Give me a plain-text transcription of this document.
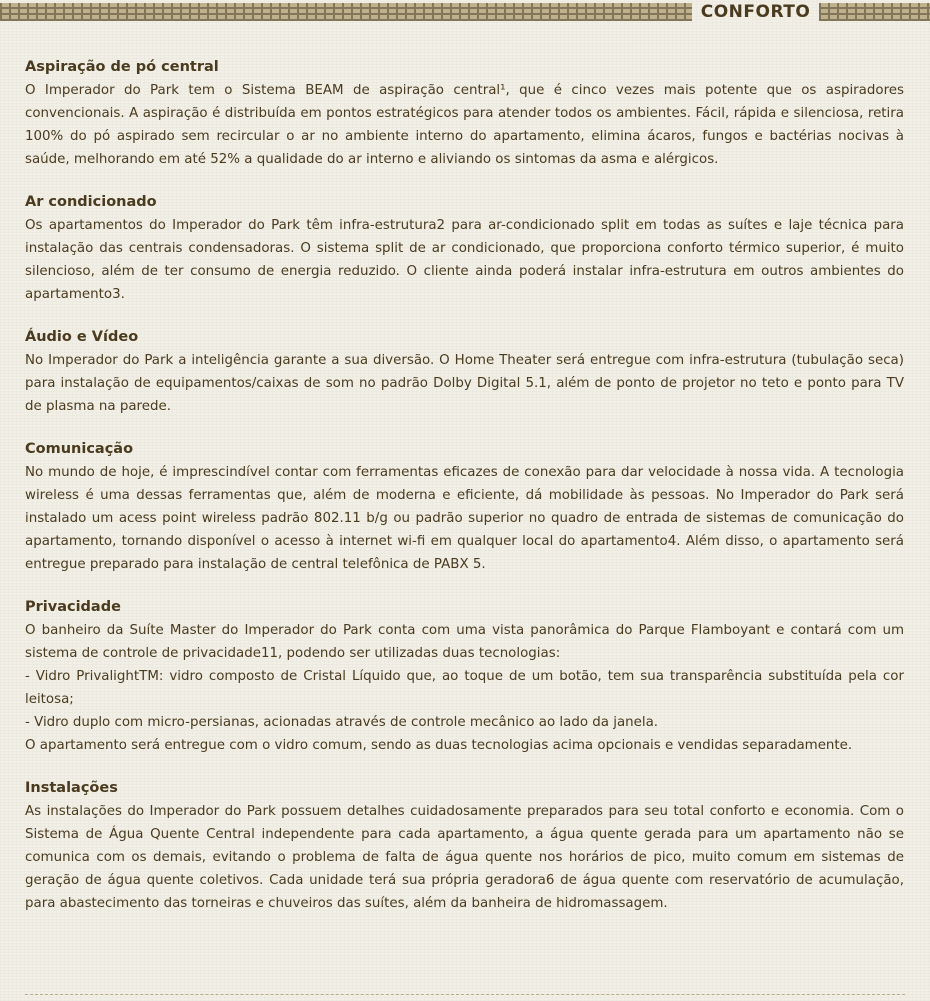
CONFORTO
Aspiração de pó central

O Imperador do Park tem o Sistema BEAM de aspiração central¹, que é cinco vezes mais potente que os aspiradores convencionais. A aspiração é distribuída em pontos estratégicos para atender todos os ambientes. Fácil, rápida e silenciosa, retira 100% do pó aspirado sem recircular o ar no ambiente interno do apartamento, elimina ácaros, fungos e bactérias nocivas à saúde, melhorando em até 52% a qualidade do ar interno e aliviando os sintomas da asma e alérgicos.

Ar condicionado

Os apartamentos do Imperador do Park têm infra-estrutura2 para ar-condicionado split em todas as suítes e laje técnica para instalação das centrais condensadoras. O sistema split de ar condicionado, que proporciona conforto térmico superior, é muito silencioso, além de ter consumo de energia reduzido. O cliente ainda poderá instalar infra-estrutura em outros ambientes do apartamento3.

Áudio e Vídeo

No Imperador do Park a inteligência garante a sua diversão. O Home Theater será entregue com infra-estrutura (tubulação seca) para instalação de equipamentos/caixas de som no padrão Dolby Digital 5.1, além de ponto de projetor no teto e ponto para TV de plasma na parede.

Comunicação

No mundo de hoje, é imprescindível contar com ferramentas eficazes de conexão para dar velocidade à nossa vida. A tecnologia wireless é uma dessas ferramentas que, além de moderna e eficiente, dá mobilidade às pessoas. No Imperador do Park será instalado um acess point wireless padrão 802.11 b/g ou padrão superior no quadro de entrada de sistemas de comunicação do apartamento, tornando disponível o acesso à internet wi-fi em qualquer local do apartamento4. Além disso, o apartamento será entregue preparado para instalação de central telefônica de PABX 5.

Privacidade

O banheiro da Suíte Master do Imperador do Park conta com uma vista panorâmica do Parque Flamboyant e contará com um sistema de controle de privacidade11, podendo ser utilizadas duas tecnologias:

- Vidro PrivalightTM: vidro composto de Cristal Líquido que, ao toque de um botão, tem sua transparência substituída pela cor leitosa;

- Vidro duplo com micro-persianas, acionadas através de controle mecânico ao lado da janela.

O apartamento será entregue com o vidro comum, sendo as duas tecnologias acima opcionais e vendidas separadamente.

Instalações

As instalações do Imperador do Park possuem detalhes cuidadosamente preparados para seu total conforto e economia. Com o Sistema de Água Quente Central independente para cada apartamento, a água quente gerada para um apartamento não se comunica com os demais, evitando o problema de falta de água quente nos horários de pico, muito comum em sistemas de geração de água quente coletivos. Cada unidade terá sua própria geradora6 de água quente com reservatório de acumulação, para abastecimento das torneiras e chuveiros das suítes, além da banheira de hidromassagem.
